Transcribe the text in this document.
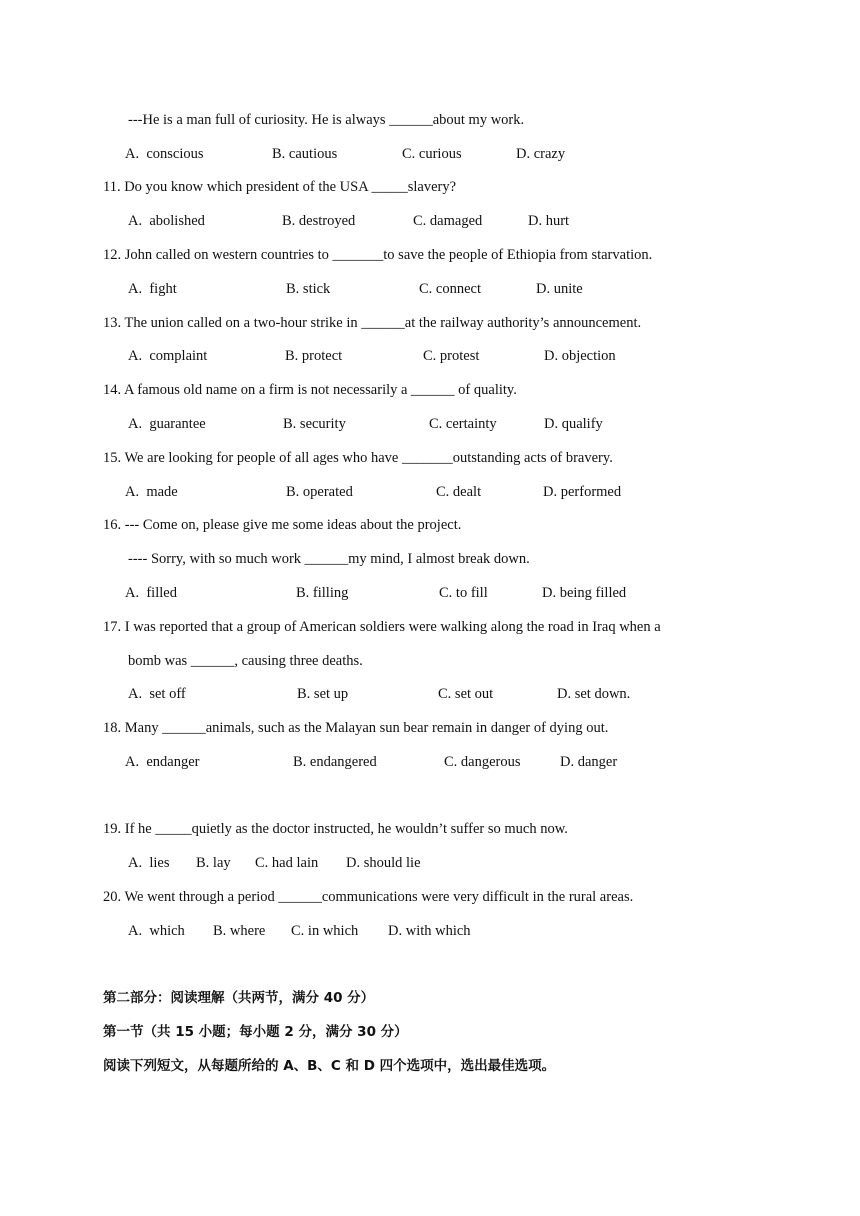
---He is a man full of curiosity. He is always ______about my work.
A.  conscious	B. cautious	C. curious	D. crazy
11. Do you know which president of the USA _____slavery?
A.  abolished	B. destroyed	C. damaged	D. hurt
12. John called on western countries to _______to save the people of Ethiopia from starvation.
A.  fight	B. stick	C. connect	D. unite
13. The union called on a two-hour strike in ______at the railway authority’s announcement.
A.  complaint	B. protect	C. protest	D. objection
14. A famous old name on a firm is not necessarily a ______ of quality.
A.  guarantee	B. security	C. certainty	D. qualify
15. We are looking for people of all ages who have _______outstanding acts of bravery.
A.  made	B. operated	C. dealt	D. performed
16. --- Come on, please give me some ideas about the project.
---- Sorry, with so much work ______my mind, I almost break down.
A.  filled	B. filling	C. to fill	D. being filled
17. I was reported that a group of American soldiers were walking along the road in Iraq when a
bomb was ______, causing three deaths.
A.  set off	B. set up	C. set out	D. set down.
18. Many ______animals, such as the Malayan sun bear remain in danger of dying out.
A.  endanger	B. endangered	C. dangerous	D. danger
19. If he _____quietly as the doctor instructed, he wouldn’t suffer so much now.
A.  lies B. lay C. had lain D. should lie
20. We went through a period ______communications were very difficult in the rural areas.
A.  which B. where C. in which D. with which
第二部分：阅读理解（共两节，满分 40 分）
第一节（共 15 小题；每小题 2 分，满分 30 分）
阅读下列短文，从每题所给的 A、B、C 和 D 四个选项中，选出最佳选项。
